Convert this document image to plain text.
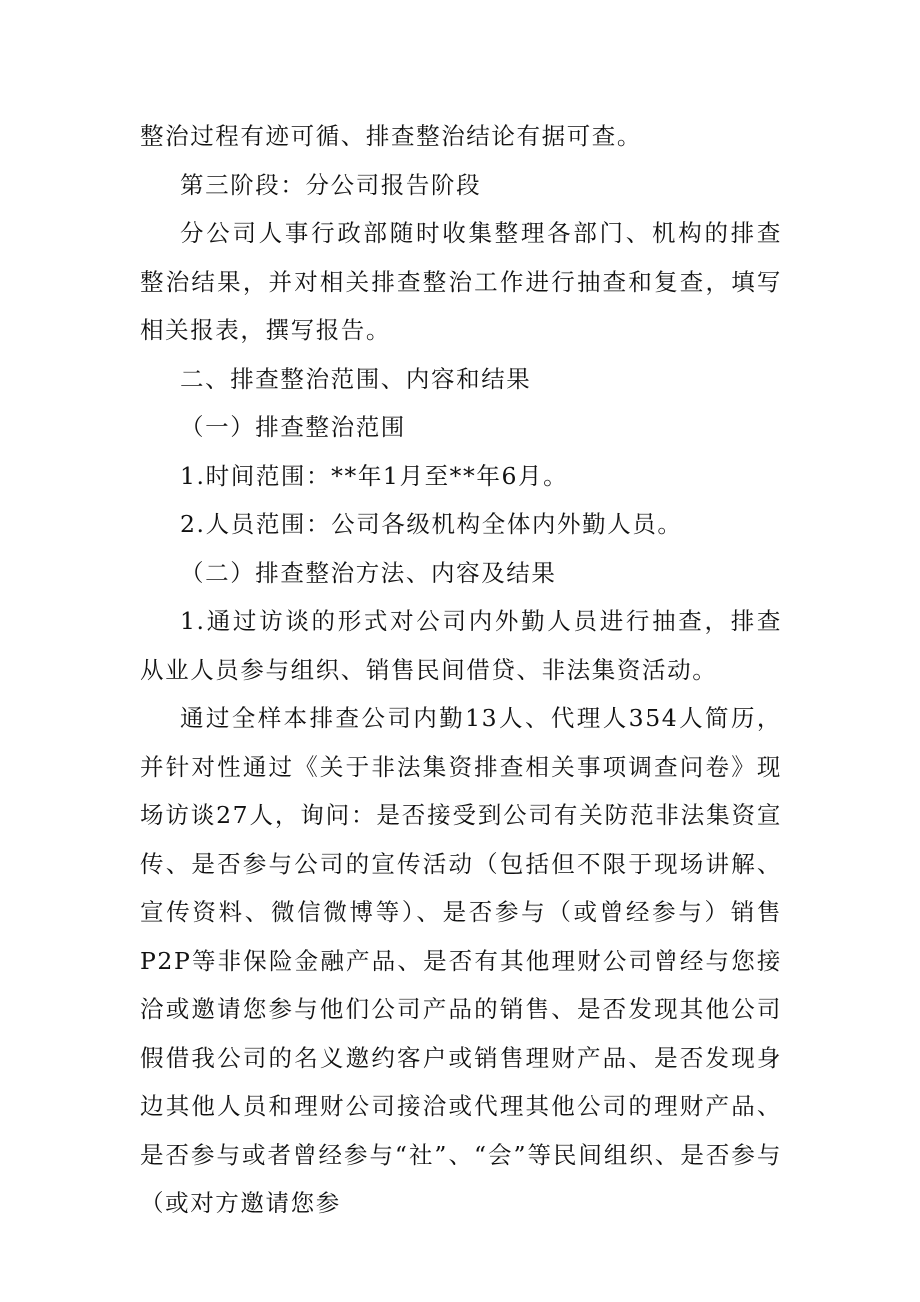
整治过程有迹可循、排查整治结论有据可查。

第三阶段：分公司报告阶段

分公司人事行政部随时收集整理各部门、机构的排查整治结果，并对相关排查整治工作进行抽查和复查，填写相关报表，撰写报告。

二、排查整治范围、内容和结果

（一）排查整治范围

1.时间范围：**年1月至**年6月。

2.人员范围：公司各级机构全体内外勤人员。

（二）排查整治方法、内容及结果

1.通过访谈的形式对公司内外勤人员进行抽查，排查从业人员参与组织、销售民间借贷、非法集资活动。

通过全样本排查公司内勤13人、代理人354人简历，并针对性通过《关于非法集资排查相关事项调查问卷》现场访谈27人，询问：是否接受到公司有关防范非法集资宣传、是否参与公司的宣传活动（包括但不限于现场讲解、宣传资料、微信微博等）、是否参与（或曾经参与）销售P2P等非保险金融产品、是否有其他理财公司曾经与您接洽或邀请您参与他们公司产品的销售、是否发现其他公司假借我公司的名义邀约客户或销售理财产品、是否发现身边其他人员和理财公司接洽或代理其他公司的理财产品、是否参与或者曾经参与“社”、“会”等民间组织、是否参与（或对方邀请您参
